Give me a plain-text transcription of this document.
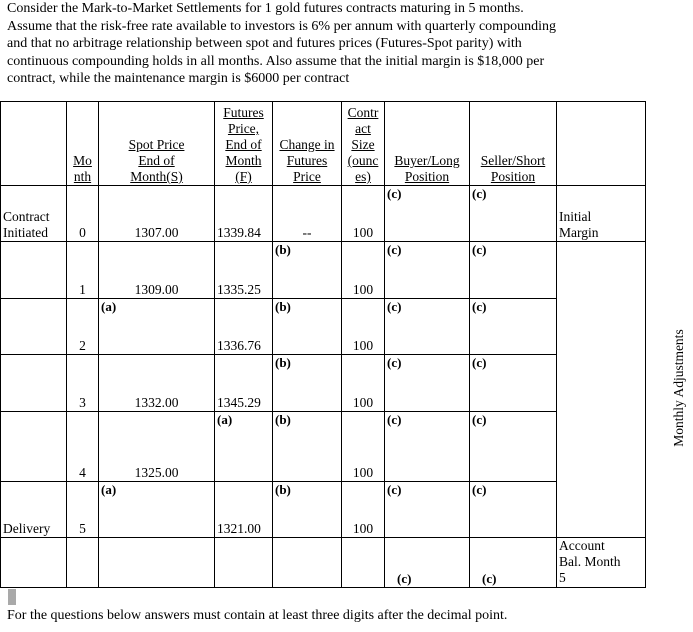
Consider the Mark-to-Market Settlements for 1 gold futures contracts maturing in 5 months.

Assume that the risk-free rate available to investors is 6% per annum with quarterly compounding

and that no arbitrage relationship between spot and futures prices (Futures-Spot parity) with

continuous compounding holds in all months. Also assume that the initial margin is $18,000 per

contract, while the maintenance margin is $6000 per contract

	Mo
nth	Spot Price
End of
Month(S)	Futures
Price,
End of
Month
(F)	Change in
Futures
Price	Contr
act
Size
(ounc
es)	Buyer/Long
Position	Seller/Short
Position	
Contract
Initiated	0	1307.00	1339.84	--	100	(c)	(c)	Initial
Margin
	1	1309.00	1335.25	(b)	100	(c)	(c)	

	2	(a)	1336.76	(b)	100	(c)	(c)	

	3	1332.00	1345.29	(b)	100	(c)	(c)	

	4	1325.00	(a)	(b)	100	(c)	(c)	

Delivery	5	(a)	1321.00	(b)	100	(c)	(c)	

						(c)	(c)	Account
Bal. Month
5
Monthly Adjustments
For the questions below answers must contain at least three digits after the decimal point.
